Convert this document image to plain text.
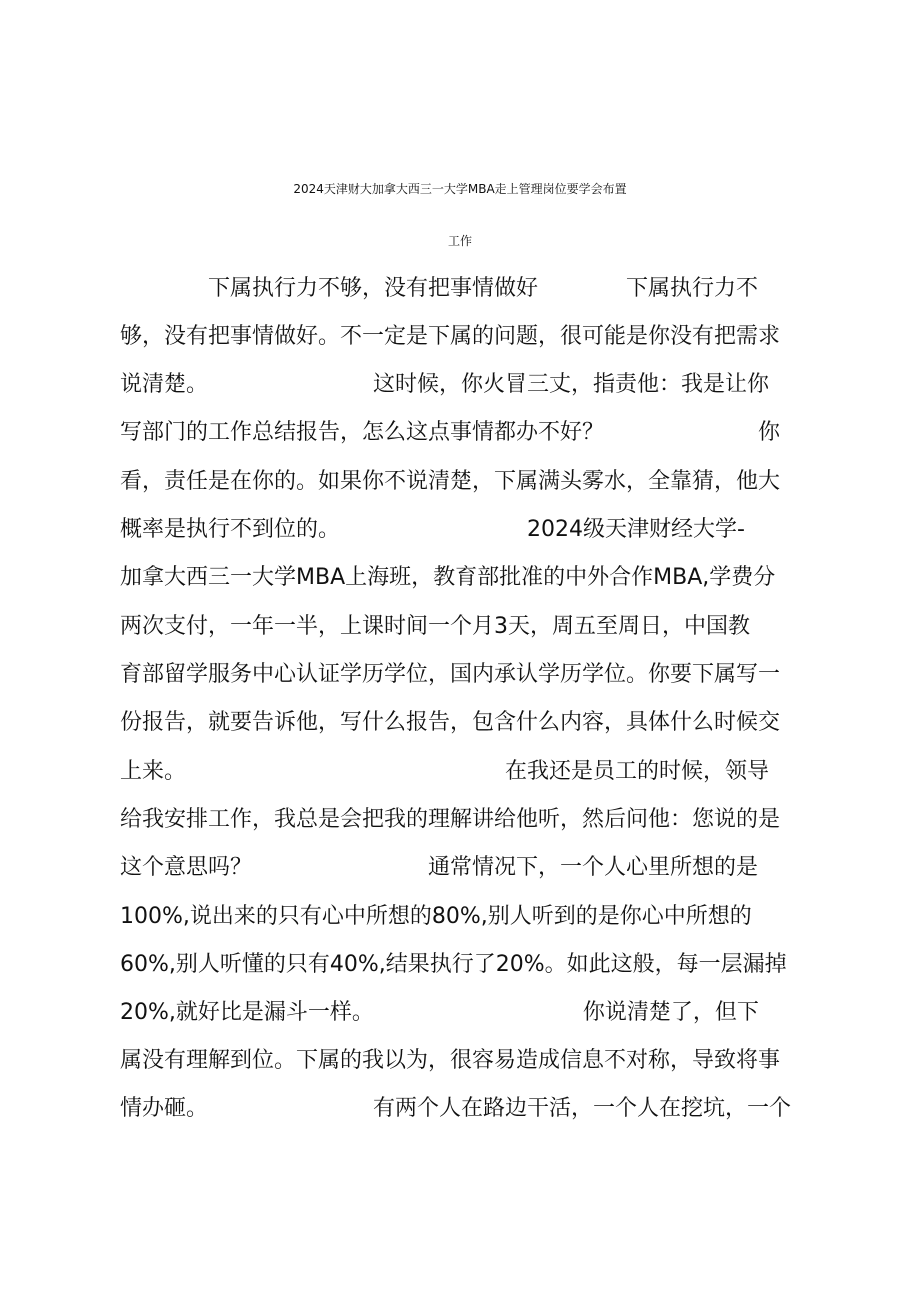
2024天津财大加拿大西三一大学MBA走上管理岗位要学会布置
工作
　　　　下属执行力不够，没有把事情做好　　　　下属执行力不
够，没有把事情做好。不一定是下属的问题，很可能是你没有把需求
说清楚。　　　　　　　　这时候，你火冒三丈，指责他：我是让你
写部门的工作总结报告，怎么这点事情都办不好？　　　　　　　你
看，责任是在你的。如果你不说清楚，下属满头雾水，全靠猜，他大
概率是执行不到位的。　　　　　　　　　2024级天津财经大学-
加拿大西三一大学MBA上海班，教育部批准的中外合作MBA,学费分
两次支付，一年一半，上课时间一个月3天，周五至周日，中国教
育部留学服务中心认证学历学位，国内承认学历学位。你要下属写一
份报告，就要告诉他，写什么报告，包含什么内容，具体什么时候交
上来。　　　　　　　　　　　　　　　在我还是员工的时候，领导
给我安排工作，我总是会把我的理解讲给他听，然后问他：您说的是
这个意思吗？　　　　　　　　通常情况下，一个人心里所想的是
100%,说出来的只有心中所想的80%,别人听到的是你心中所想的
60%,别人听懂的只有40%,结果执行了20%。如此这般，每一层漏掉
20%,就好比是漏斗一样。　　　　　　　　　　你说清楚了，但下
属没有理解到位。下属的我以为，很容易造成信息不对称，导致将事
情办砸。　　　　　　　　有两个人在路边干活，一个人在挖坑，一个
